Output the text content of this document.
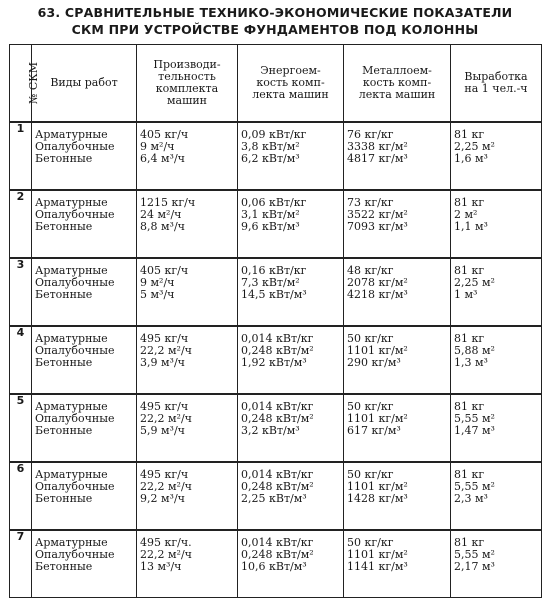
63. СРАВНИТЕЛЬНЫЕ ТЕХНИКО-ЭКОНОМИЧЕСКИЕ ПОКАЗАТЕЛИ
СКМ ПРИ УСТРОЙСТВЕ ФУНДАМЕНТОВ ПОД КОЛОННЫ
№ СКМ	Виды работ	Производи-
тельность
комплекта
машин	Энергоем-
кость комп-
лекта машин	Металлоем-
кость комп-
лекта машин	Выработка
на 1 чел.-ч

1	Арматурные
Опалубочные
Бетонные	405 кг/ч
9 м²/ч
6,4 м³/ч	0,09 кВт/кг
3,8 кВт/м²
6,2 кВт/м³	76 кг/кг
3338 кг/м²
4817 кг/м³	81 кг
2,25 м²
1,6 м³

2	Арматурные
Опалубочные
Бетонные	1215 кг/ч
24 м²/ч
8,8 м³/ч	0,06 кВт/кг
3,1 кВт/м²
9,6 кВт/м³	73 кг/кг
3522 кг/м²
7093 кг/м³	81 кг
2 м²
1,1 м³

3	Арматурные
Опалубочные
Бетонные	405 кг/ч
9 м²/ч
5 м³/ч	0,16 кВт/кг
7,3 кВт/м²
14,5 кВт/м³	48 кг/кг
2078 кг/м²
4218 кг/м³	81 кг
2,25 м²
1 м³

4	Арматурные
Опалубочные
Бетонные	495 кг/ч
22,2 м²/ч
3,9 м³/ч	0,014 кВт/кг
0,248 кВт/м²
1,92 кВт/м³	50 кг/кг
1101 кг/м²
290 кг/м³	81 кг
5,88 м²
1,3 м³

5	Арматурные
Опалубочные
Бетонные	495 кг/ч
22,2 м²/ч
5,9 м³/ч	0,014 кВт/кг
0,248 кВт/м²
3,2 кВт/м³	50 кг/кг
1101 кг/м²
617 кг/м³	81 кг
5,55 м²
1,47 м³

6	Арматурные
Опалубочные
Бетонные	495 кг/ч
22,2 м²/ч
9,2 м³/ч	0,014 кВт/кг
0,248 кВт/м²
2,25 кВт/м³	50 кг/кг
1101 кг/м²
1428 кг/м³	81 кг
5,55 м²
2,3 м³

7	Арматурные
Опалубочные
Бетонные	495 кг/ч.
22,2 м²/ч
13 м³/ч	0,014 кВт/кг
0,248 кВт/м²
10,6 кВт/м³	50 кг/кг
1101 кг/м²
1141 кг/м³	81 кг
5,55 м²
2,17 м³
